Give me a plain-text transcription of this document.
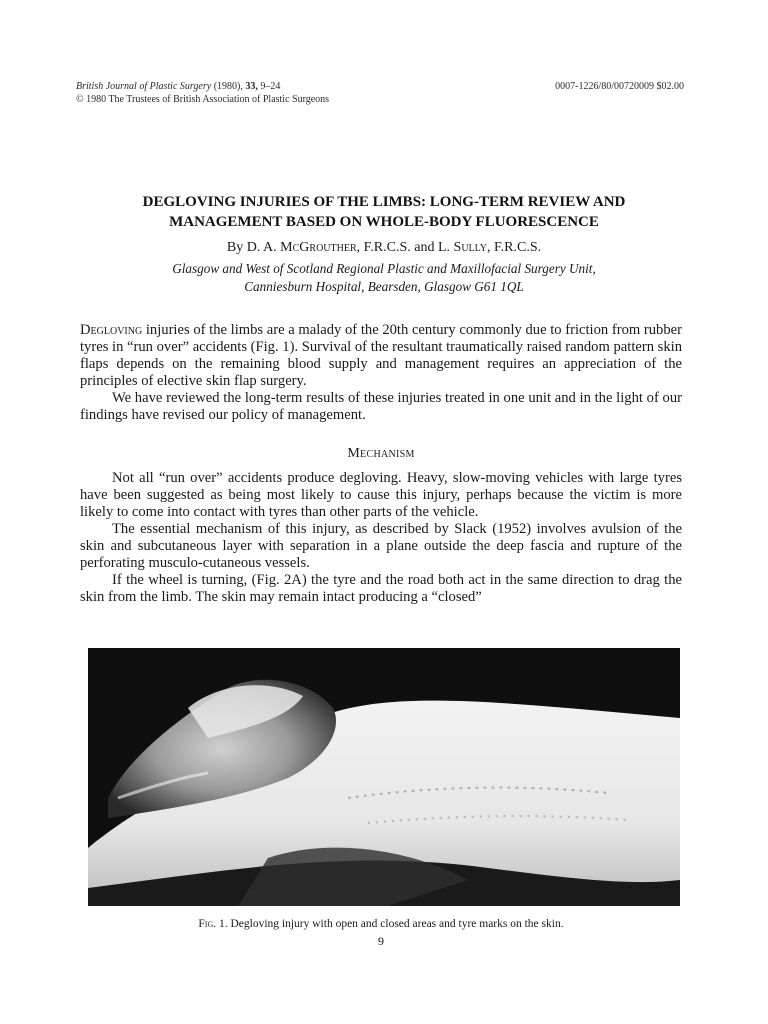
British Journal of Plastic Surgery (1980), 33, 9–24	0007-1226/80/00720009 $02.00
© 1980 The Trustees of British Association of Plastic Surgeons
DEGLOVING INJURIES OF THE LIMBS: LONG-TERM REVIEW AND
MANAGEMENT BASED ON WHOLE-BODY FLUORESCENCE
By D. A. McGrouther, F.R.C.S. and L. Sully, F.R.C.S.
Glasgow and West of Scotland Regional Plastic and Maxillofacial Surgery Unit,
Canniesburn Hospital, Bearsden, Glasgow G61 1QL

Degloving injuries of the limbs are a malady of the 20th century commonly due to friction from rubber tyres in “run over” accidents (Fig. 1). Survival of the resultant traumatically raised random pattern skin flaps depends on the remaining blood supply and management requires an appreciation of the principles of elective skin flap surgery.

We have reviewed the long-term results of these injuries treated in one unit and in the light of our findings have revised our policy of management.

Mechanism

Not all “run over” accidents produce degloving. Heavy, slow-moving vehicles with large tyres have been suggested as being most likely to cause this injury, perhaps because the victim is more likely to come into contact with tyres than other parts of the vehicle.

The essential mechanism of this injury, as described by Slack (1952) involves avulsion of the skin and subcutaneous layer with separation in a plane outside the deep fascia and rupture of the perforating musculo-cutaneous vessels.

If the wheel is turning, (Fig. 2A) the tyre and the road both act in the same direction to drag the skin from the limb. The skin may remain intact producing a “closed”

Fig. 1. Degloving injury with open and closed areas and tyre marks on the skin.
9
